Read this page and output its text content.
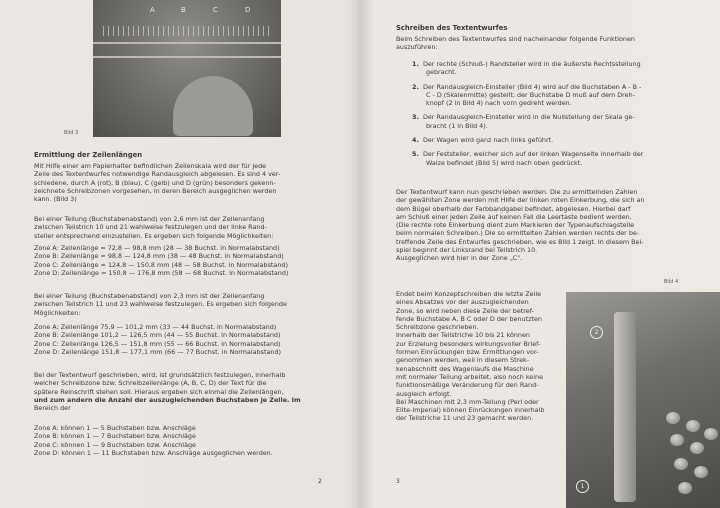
A	B	C	D
Bild 3
Ermittlung der Zeilenlängen
Mit Hilfe einer am Papierhalter befindlichen Zeilenskala wird der für jede
Zeile des Textentwurfes notwendige Randausgleich abgelesen. Es sind 4 ver-
schiedene, durch A (rot), B (blau), C (gelb) und D (grün) besonders gekenn-
zeichnete Schreibzonen vorgesehen, in deren Bereich ausgeglichen werden
kann. (Bild 3)
Bei einer Teilung (Buchstabenabstand) von 2,6 mm ist der Zeilenanfang
zwischen Teilstrich 10 und 21 wahlweise festzulegen und der linke Rand-
steller entsprechend einzustellen. Es ergeben sich folgende Möglichkeiten:
Zone A: Zeilenlänge = 72,8 — 98,8 mm (28 — 38 Buchst. in Normalabstand)
Zone B: Zeilenlänge = 98,8 — 124,8 mm (38 — 48 Buchst. in Normalabstand)
Zone C: Zeilenlänge = 124,8 — 150,8 mm (48 — 58 Buchst. in Normalabstand)
Zone D: Zeilenlänge = 150,8 — 176,8 mm (58 — 68 Buchst. in Normalabstand)
Bei einer Teilung (Buchstabenabstand) von 2,3 mm ist der Zeilenanfang
zwischen Teilstrich 11 und 23 wahlweise festzulegen. Es ergeben sich folgende
Möglichkeiten:
Zone A: Zeilenlänge 75,9 — 101,2 mm (33 — 44 Buchst. in Normalabstand)
Zone B: Zeilenlänge 101,2 — 126,5 mm (44 — 55 Buchst. in Normalabstand)
Zone C: Zeilenlänge 126,5 — 151,8 mm (55 — 66 Buchst. in Normalabstand)
Zone D: Zeilenlänge 151,8 — 177,1 mm (66 — 77 Buchst. in Normalabstand)
Bei der Textentwurf geschrieben, wird, ist grundsätzlich festzulegen, innerhalb
welcher Schreibzone bzw. Schreibzeilenlänge (A, B, C, D) der Text für die
spätere Reinschrift stehen soll. Hieraus ergeben sich einmal die Zeilenlängen,
und zum andern die Anzahl der auszugleichenden Buchstaben je Zeile. Im
Bereich der
Zone A: können 1 — 5 Buchstaben bzw. Anschläge
Zone B: können 1 — 7 Buchstaben bzw. Anschläge
Zone C: können 1 — 9 Buchstaben bzw. Anschläge
Zone D: können 1 — 11 Buchstaben bzw. Anschläge ausgeglichen werden.
2
Schreiben des Textentwurfes
Beim Schreiben des Textentwurfes sind nacheinander folgende Funktionen
auszuführen:
1. Der rechte (Schluß-) Randsteller wird in die äußerste Rechtsstellung
gebracht.
2. Der Randausgleich-Einsteller (Bild 4) wird auf die Buchstaben A - B -
C - D (Skalenmitte) gestellt; der Buchstabe D muß auf dem Dreh-
knopf (2 in Bild 4) nach vorn gedreht werden.
3. Der Randausgleich-Einsteller wird in die Nullstellung der Skala ge-
bracht (1 in Bild 4).
4. Der Wagen wird ganz nach links geführt.
5. Der Feststeller, welcher sich auf der linken Wagenseite innerhalb der
Walze befindet (Bild 5) wird nach oben gedrückt.
Der Textentwurf kann nun geschrieben werden. Die zu ermittelnden Zahlen
der gewählten Zone werden mit Hilfe der linken roten Einkerbung, die sich an
dem Bügel oberhalb der Farbbandgabel befindet, abgelesen. Hierbei darf
am Schluß einer jeden Zeile auf keinen Fall die Leertaste bedient werden.
(Die rechte rote Einkerbung dient zum Markieren der Typenaufschlagstelle
beim normalen Schreiben.) Die so ermittelten Zahlen werden rechts der be-
treffende Zeile des Entwurfes geschrieben, wie es Bild 1 zeigt. In diesem Bei-
spiel beginnt der Linksrand bei Teilstrich 10.
Ausgeglichen wird hier in der Zone „C".
Bild 4
Endet beim Konzeptschreiben die letzte Zeile
eines Absatzes vor der auszugleichenden
Zone, so wird neben diese Zeile der betref-
fende Buchstabe A, B C oder D der benutzten
Schreibzone geschrieben.
Innerhalb der Teilstriche 10 bis 21 können
zur Erzielung besonders wirkungsvoller Brief-
formen Einrückungen bzw. Ermittlungen vor-
genommen werden, weil in diesem Strek-
kenabschnitt des Wagenlaufs die Maschine
mit normaler Teilung arbeitet, also noch keine
funktionsmäßige Veränderung für den Rand-
ausgleich erfolgt.
Bei Maschinen mit 2,3 mm-Teilung (Perl oder
Elite-Imperial) können Einrückungen innerhalb
der Teilstriche 11 und 23 gemacht werden.
3
2
1
